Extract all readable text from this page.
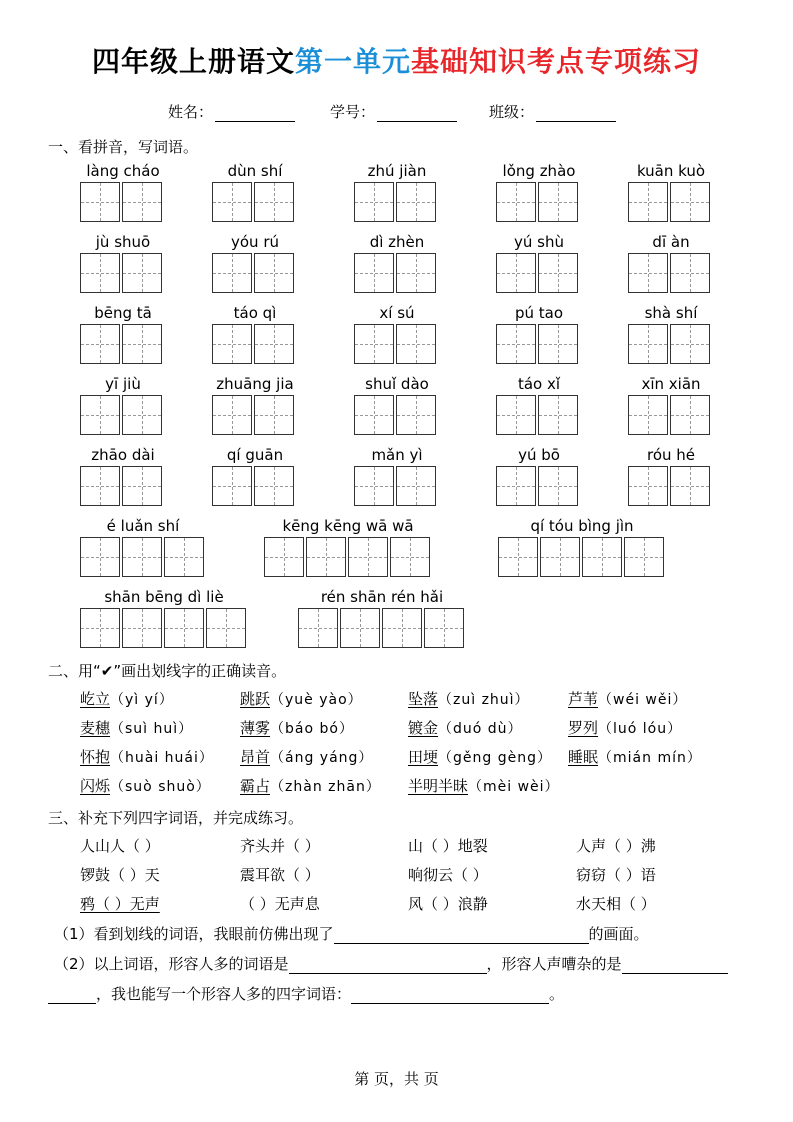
四年级上册语文第一单元基础知识考点专项练习
姓名：	学号：	班级：
一、看拼音，写词语。
làng cháo	dùn shí	zhú jiàn	lǒng zhào	kuān kuò
jù shuō	yóu rú	dì zhèn	yú shù	dī àn
bēng tā	táo qì	xí sú	pú tao	shà shí
yī jiù	zhuāng jia	shuǐ dào	táo xǐ	xīn xiān
zhāo dài	qí guān	mǎn yì	yú bō	róu hé
é luǎn shí	kēng kēng wā wā	qí tóu bìng jìn
shān bēng dì liè	rén shān rén hǎi
二、用“✔”画出划线字的正确读音。
屹立（yì yí）	跳跃（yuè yào）	坠落（zuì zhuì）	芦苇（wéi wěi）
麦穗（suì huì）	薄雾（báo bó）	镀金（duó dù）	罗列（luó lóu）
怀抱（huài huái） 昂首（áng yáng） 田埂（gěng gèng） 睡眠（mián mín）
闪烁（suò shuò） 霸占（zhàn zhān） 半明半昧（mèi wèi）
三、补充下列四字词语，并完成练习。
人山人（ ）	齐头并（ ）	山（ ）地裂	人声（ ）沸
锣鼓（ ）天	震耳欲（ ）	响彻云（ ）	窃窃（ ）语
鸦（ ）无声	（ ）无声息	风（ ）浪静	水天相（ ）
（1）看到划线的词语，我眼前仿佛出现了	的画面。
（2）以上词语，形容人多的词语是	，形容人声嘈杂的是
，我也能写一个形容人多的四字词语：	。
第 页，共 页
